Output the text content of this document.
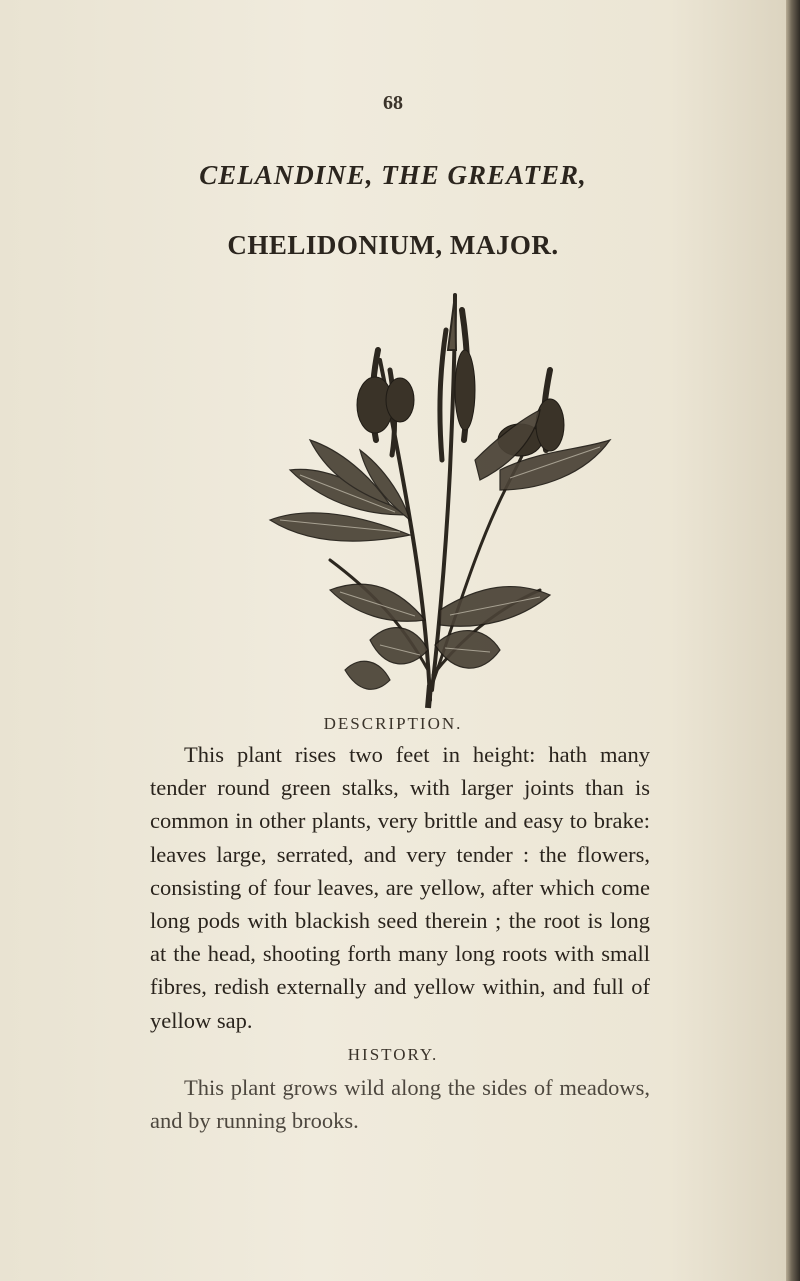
68
CELANDINE, THE GREATER,
CHELIDONIUM, MAJOR.
DESCRIPTION.
This plant rises two feet in height: hath many tender round green stalks, with larger joints than is common in other plants, very brittle and easy to brake: leaves large, serrated, and very tender : the flowers, consisting of four leaves, are yellow, after which come long pods with blackish seed therein ; the root is long at the head, shooting forth many long roots with small fibres, redish externally and yellow within, and full of yellow sap.
HISTORY.
This plant grows wild along the sides of meadows, and by running brooks.
